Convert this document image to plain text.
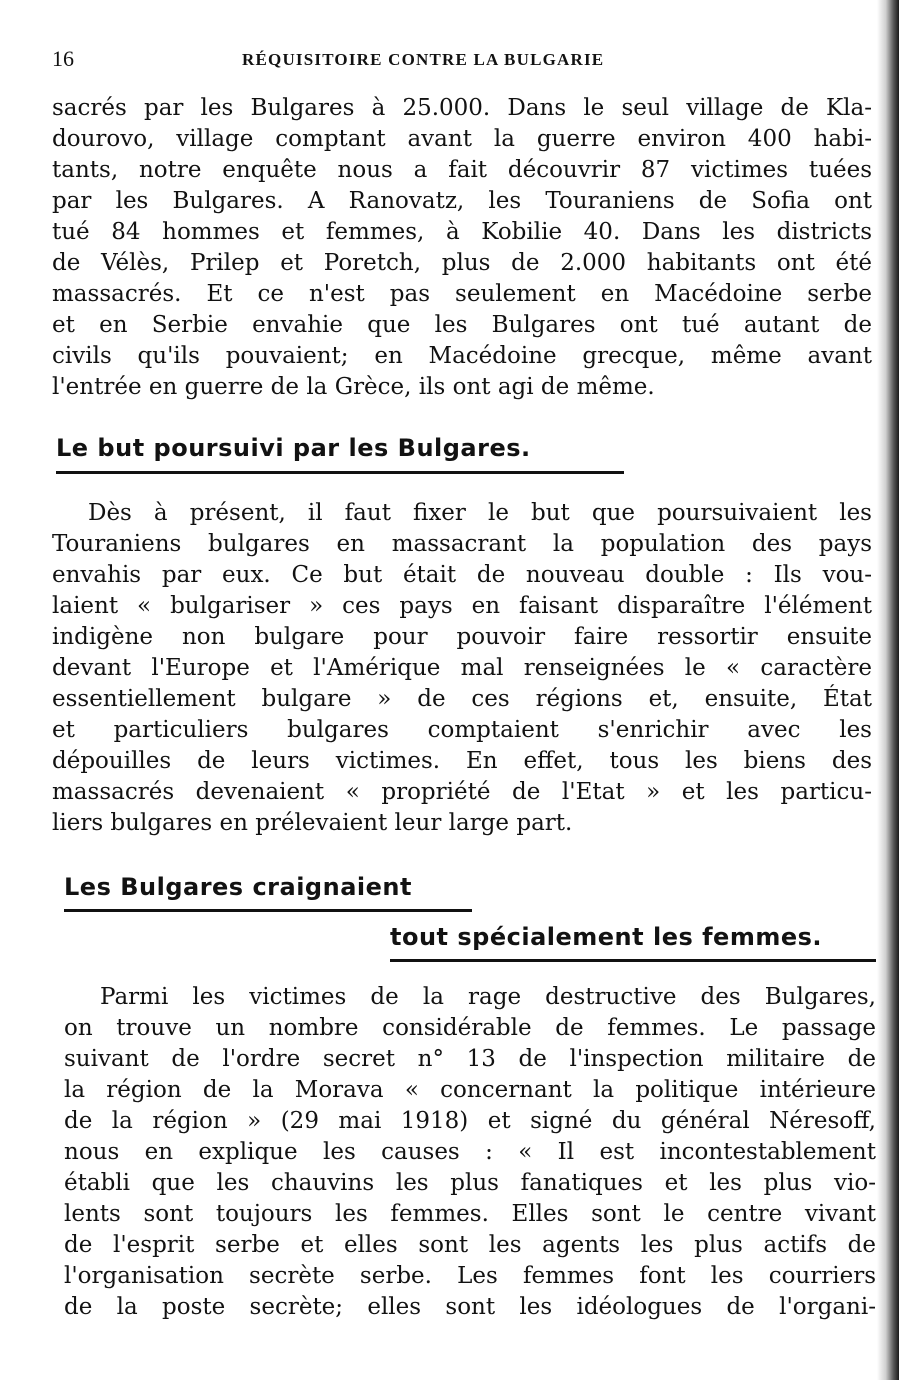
16	RÉQUISITOIRE CONTRE LA BULGARIE
sacrés par les Bulgares à 25.000. Dans le seul village de Kla-
dourovo, village comptant avant la guerre environ 400 habi-
tants, notre enquête nous a fait découvrir 87 victimes tuées
par les Bulgares. A Ranovatz, les Touraniens de Sofia ont
tué 84 hommes et femmes, à Kobilie 40. Dans les districts
de Vélès, Prilep et Poretch, plus de 2.000 habitants ont été
massacrés. Et ce n'est pas seulement en Macédoine serbe
et en Serbie envahie que les Bulgares ont tué autant de
civils qu'ils pouvaient; en Macédoine grecque, même avant
l'entrée en guerre de la Grèce, ils ont agi de même.
Le but poursuivi par les Bulgares.
Dès à présent, il faut fixer le but que poursuivaient les
Touraniens bulgares en massacrant la population des pays
envahis par eux. Ce but était de nouveau double : Ils vou-
laient « bulgariser » ces pays en faisant disparaître l'élément
indigène non bulgare pour pouvoir faire ressortir ensuite
devant l'Europe et l'Amérique mal renseignées le « caractère
essentiellement bulgare » de ces régions et, ensuite, État
et particuliers bulgares comptaient s'enrichir avec les
dépouilles de leurs victimes. En effet, tous les biens des
massacrés devenaient « propriété de l'Etat » et les particu-
liers bulgares en prélevaient leur large part.
Les Bulgares craignaient
tout spécialement les femmes.
Parmi les victimes de la rage destructive des Bulgares,
on trouve un nombre considérable de femmes. Le passage
suivant de l'ordre secret n° 13 de l'inspection militaire de
la région de la Morava « concernant la politique intérieure
de la région » (29 mai 1918) et signé du général Néresoff,
nous en explique les causes : « Il est incontestablement
établi que les chauvins les plus fanatiques et les plus vio-
lents sont toujours les femmes. Elles sont le centre vivant
de l'esprit serbe et elles sont les agents les plus actifs de
l'organisation secrète serbe. Les femmes font les courriers
de la poste secrète; elles sont les idéologues de l'organi-
